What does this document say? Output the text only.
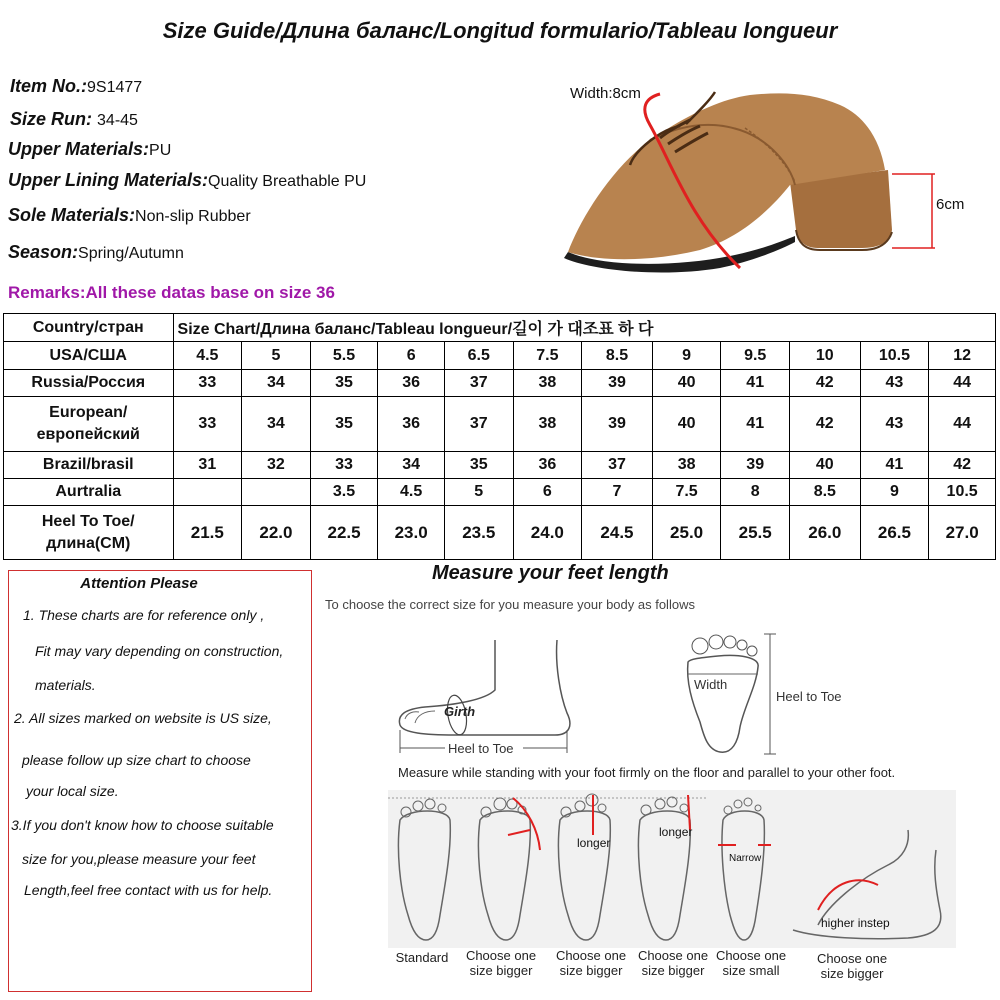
Size Guide/Длина баланс/Longitud formulario/Tableau longueur
Item No.:9S1477
Size Run: 34-45
Upper Materials:PU
Upper Lining Materials:Quality Breathable PU
Sole Materials:Non-slip Rubber
Season:Spring/Autumn
Remarks:All these datas base on size 36
Width:8cm
6cm
Country/стран	Size Chart/Длина баланс/Tableau longueur/길이 가 대조표 하 다											
USA/США	4.5	5	5.5	6	6.5	7.5	8.5	9	9.5	10	10.5	12
Russia/Россия	33	34	35	36	37	38	39	40	41	42	43	44
European/европейский	33	34	35	36	37	38	39	40	41	42	43	44
Brazil/brasil	31	32	33	34	35	36	37	38	39	40	41	42
Aurtralia			3.5	4.5	5	6	7	7.5	8	8.5	9	10.5
Heel To Toe/длина(CM)	21.5	22.0	22.5	23.0	23.5	24.0	24.5	25.0	25.5	26.0	26.5	27.0
Attention Please
1. These charts are for reference only ,
Fit may vary depending on construction,
materials.
2. All sizes marked on website is US size,
please follow up size chart to choose
your local size.
3.If you don't know how to choose suitable
size for you,please measure your feet
Length,feel free contact with us for help.
Measure your feet length
To choose the correct size for you measure your body as follows
Girth
Heel to Toe
Width
Heel to Toe
Measure while standing with your foot firmly on the floor and parallel to your other foot.
longer
longer
Narrow
higher instep
Standard	Choose one size bigger
Choose one size bigger
Choose one size bigger
Choose one size small
Choose one size bigger
